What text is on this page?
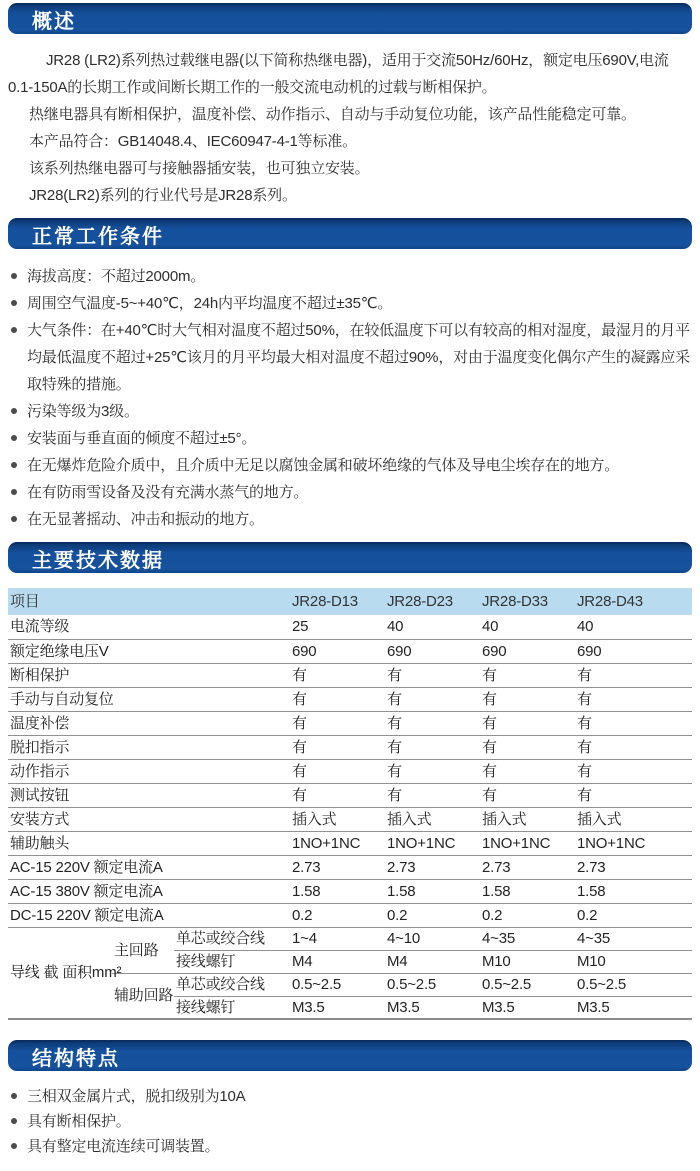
概述

JR28 (LR2)系列热过载继电器(以下简称热继电器)，适用于交流50Hz/60Hz，额定电压690V,电流0.1-150A的长期工作或间断长期工作的一般交流电动机的过载与断相保护。

热继电器具有断相保护，温度补偿、动作指示、自动与手动复位功能，该产品性能稳定可靠。

本产品符合：GB14048.4、IEC60947-4-1等标准。

该系列热继电器可与接触器插安装，也可独立安装。

JR28(LR2)系列的行业代号是JR28系列。

正常工作条件
海拔高度：不超过2000m。
周围空气温度-5~+40℃，24h内平均温度不超过±35℃。
大气条件：在+40℃时大气相对温度不超过50%，在较低温度下可以有较高的相对湿度，最湿月的月平均最低温度不超过+25℃该月的月平均最大相对温度不超过90%，对由于温度变化偶尔产生的凝露应采取特殊的措施。
污染等级为3级。
安装面与垂直面的倾度不超过±5°。
在无爆炸危险介质中，且介质中无足以腐蚀金属和破坏绝缘的气体及导电尘埃存在的地方。
在有防雨雪设备及没有充满水蒸气的地方。
在无显著摇动、冲击和振动的地方。
主要技术数据
项目			JR28-D13	JR28-D23	JR28-D33	JR28-D43
电流等级			25	40	40	40
额定绝缘电压V			690	690	690	690
断相保护			有	有	有	有
手动与自动复位			有	有	有	有
温度补偿			有	有	有	有
脱扣指示			有	有	有	有
动作指示			有	有	有	有
测试按钮			有	有	有	有
安装方式			插入式	插入式	插入式	插入式
辅助触头			1NO+1NC	1NO+1NC	1NO+1NC	1NO+1NC
AC-15 220V 额定电流A			2.73	2.73	2.73	2.73
AC-15 380V 额定电流A			1.58	1.58	1.58	1.58
DC-15 220V 额定电流A			0.2	0.2	0.2	0.2
导线 截 面积mm²	主回路	单芯或绞合线	1~4	4~10	4~35	4~35
		接线螺钉	M4	M4	M10	M10
	辅助回路	单芯或绞合线	0.5~2.5	0.5~2.5	0.5~2.5	0.5~2.5
		接线螺钉	M3.5	M3.5	M3.5	M3.5
结构特点
三相双金属片式，脱扣级别为10A
具有断相保护。
具有整定电流连续可调装置。
